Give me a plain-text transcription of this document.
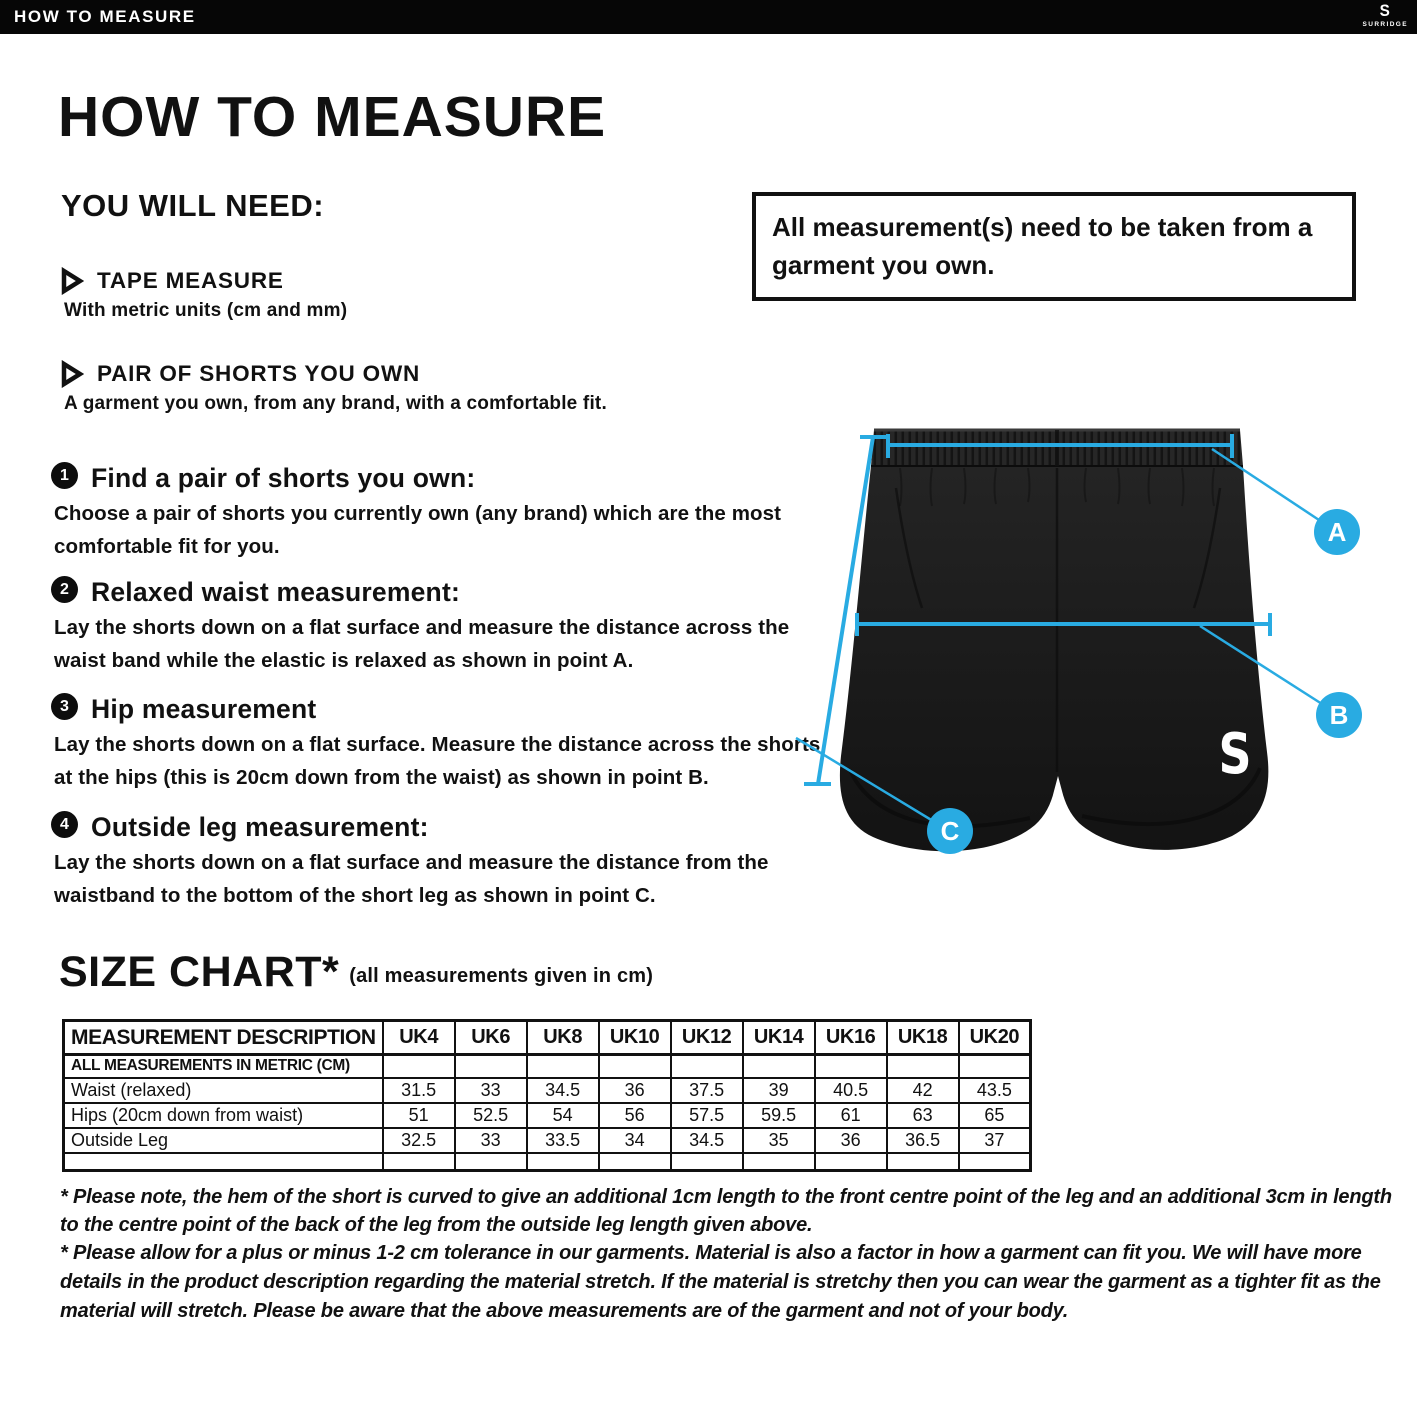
HOW TO MEASURE	S
SURRIDGE
HOW TO MEASURE
YOU WILL NEED:
TAPE MEASURE
With metric units (cm and mm)
PAIR OF SHORTS YOU OWN
A garment you own, from any brand, with a comfortable fit.
All measurement(s) need to be taken from a garment you own.
1 Find a pair of shorts you own:
Choose a pair of shorts you currently own (any brand) which are the most comfortable fit for you.
2 Relaxed waist measurement:
Lay the shorts down on a flat surface and measure the distance across the waist band while the elastic is relaxed as shown in point A.
3 Hip measurement
Lay the shorts down on a flat surface. Measure the distance across the shorts at the hips (this is 20cm down from the waist) as shown in point B.
4 Outside leg measurement:
Lay the shorts down on a flat surface and measure the distance from the waistband to the bottom of the short leg as shown in point C.
S
A
B
C
SIZE CHART* (all measurements given in cm)
MEASUREMENT DESCRIPTION	UK4	UK6	UK8	UK10	UK12	UK14	UK16	UK18	UK20
ALL MEASUREMENTS IN METRIC (CM)									
Waist (relaxed)	31.5	33	34.5	36	37.5	39	40.5	42	43.5
Hips (20cm down from waist)	51	52.5	54	56	57.5	59.5	61	63	65
Outside Leg	32.5	33	33.5	34	34.5	35	36	36.5	37

* Please note, the hem of the short is curved to give an additional 1cm length to the front centre point of the leg and an additional 3cm in length to the centre point of the back of the leg from the outside leg length given above.
* Please allow for a plus or minus 1-2 cm tolerance in our garments. Material is also a factor in how a garment can fit you. We will have more details in the product description regarding the material stretch. If the material is stretchy then you can wear the garment as a tighter fit as the material will stretch. Please be aware that the above measurements are of the garment and not of your body.
